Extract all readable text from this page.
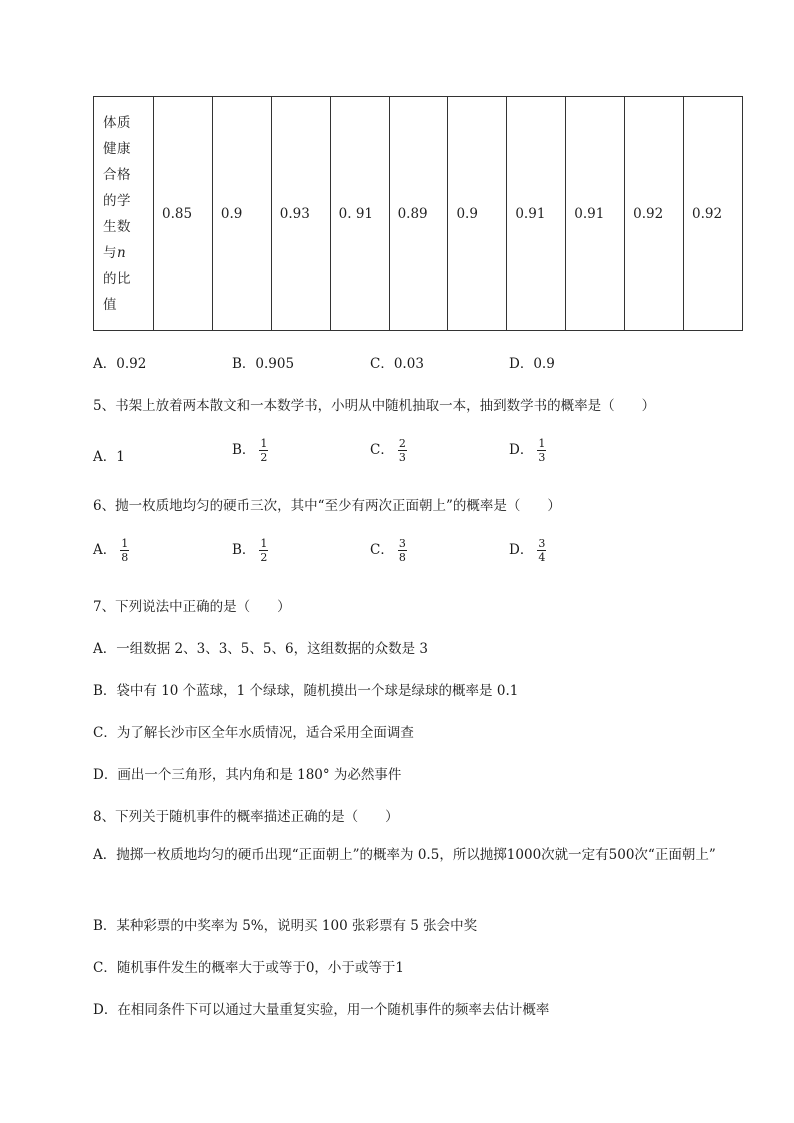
体质
健康
合格
的学
生数
与n
的比
值
	0.85	0.9	0.93	0. 91	0.89	0.9	0.91	0.91	0.92	0.92
A．0.92	B．0.905	C．0.03	D．0.9
5、书架上放着两本散文和一本数学书，小明从中随机抽取一本，抽到数学书的概率是（　　）
A．1	B． $\frac{1}{2}$	C． $\frac{2}{3}$	D． $\frac{1}{3}$
6、抛一枚质地均匀的硬币三次，其中“至少有两次正面朝上”的概率是（　　）
A． $\frac{1}{8}$	B． $\frac{1}{2}$	C． $\frac{3}{8}$	D． $\frac{3}{4}$
7、下列说法中正确的是（　　）
A．一组数据 2、3、3、5、5、6，这组数据的众数是 3
B．袋中有 10 个蓝球，1 个绿球，随机摸出一个球是绿球的概率是 0.1
C．为了解长沙市区全年水质情况，适合采用全面调查
D．画出一个三角形，其内角和是 180° 为必然事件
8、下列关于随机事件的概率描述正确的是（　　）
A．抛掷一枚质地均匀的硬币出现“正面朝上”的概率为 0.5，所以抛掷1000次就一定有500次“正面朝上”
B．某种彩票的中奖率为 5%，说明买 100 张彩票有 5 张会中奖
C．随机事件发生的概率大于或等于0，小于或等于1
D．在相同条件下可以通过大量重复实验，用一个随机事件的频率去估计概率
